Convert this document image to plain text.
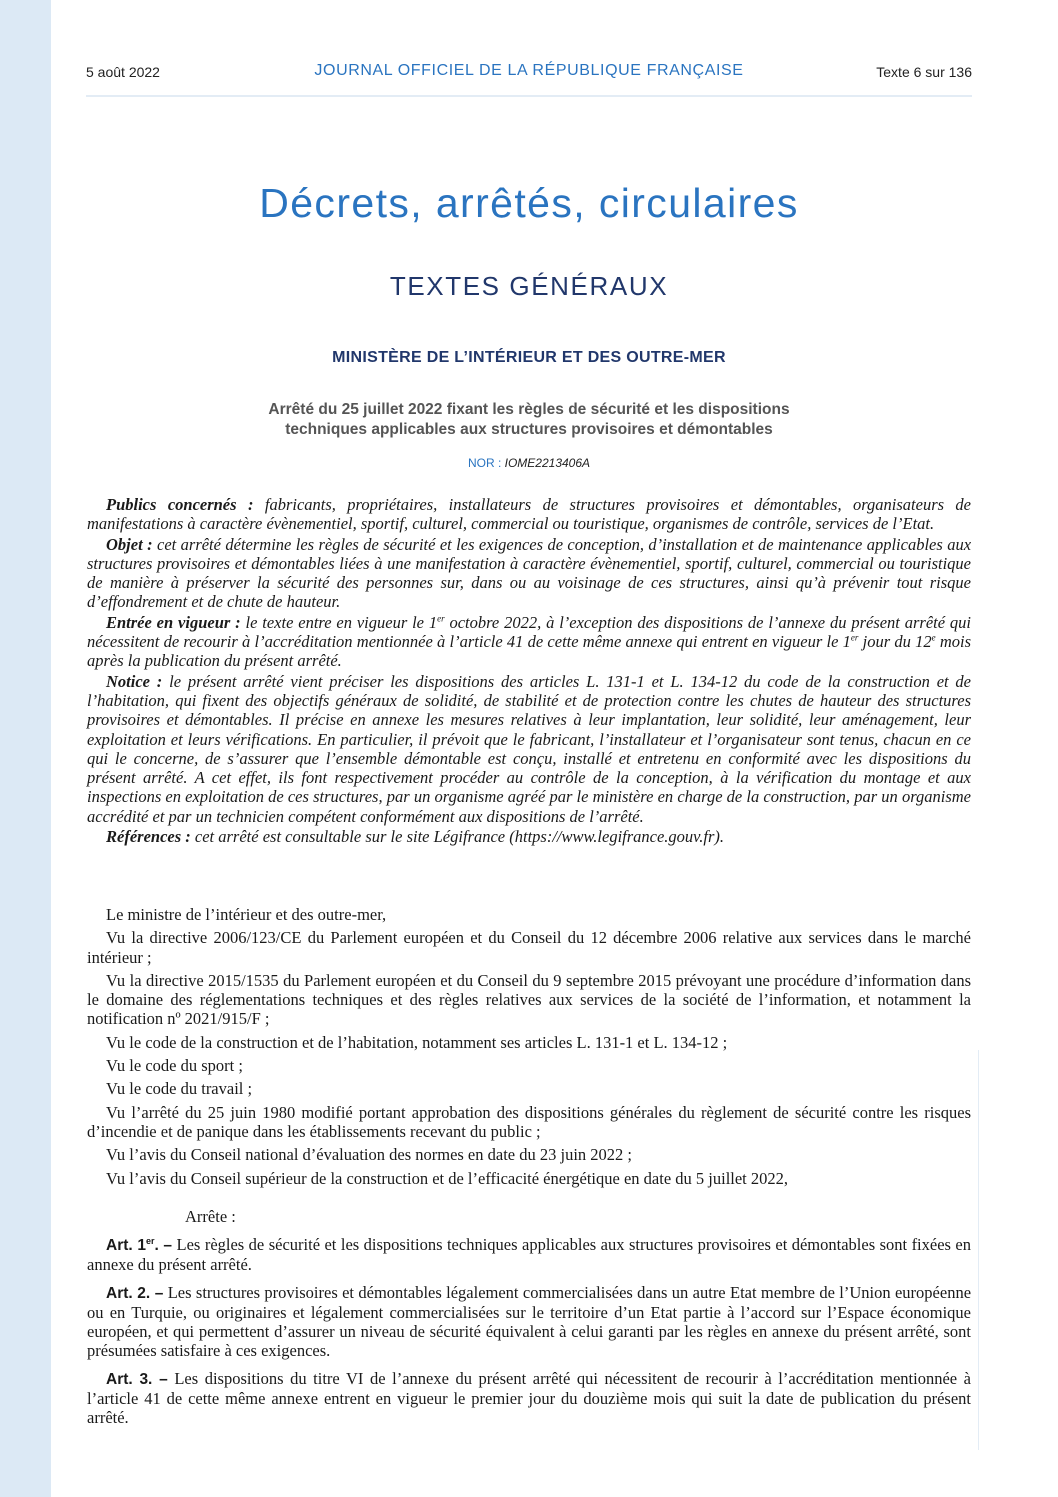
5 août 2022	JOURNAL OFFICIEL DE LA RÉPUBLIQUE FRANÇAISE	Texte 6 sur 136
Décrets, arrêtés, circulaires
TEXTES GÉNÉRAUX
MINISTÈRE DE L’INTÉRIEUR ET DES OUTRE-MER
Arrêté du 25 juillet 2022 fixant les règles de sécurité et les dispositions
techniques applicables aux structures provisoires et démontables
NOR : IOME2213406A

Publics concernés : fabricants, propriétaires, installateurs de structures provisoires et démontables, organisateurs de manifestations à caractère évènementiel, sportif, culturel, commercial ou touristique, organismes de contrôle, services de l’Etat.

Objet : cet arrêté détermine les règles de sécurité et les exigences de conception, d’installation et de maintenance applicables aux structures provisoires et démontables liées à une manifestation à caractère évènementiel, sportif, culturel, commercial ou touristique de manière à préserver la sécurité des personnes sur, dans ou au voisinage de ces structures, ainsi qu’à prévenir tout risque d’effondrement et de chute de hauteur.

Entrée en vigueur : le texte entre en vigueur le 1er octobre 2022, à l’exception des dispositions de l’annexe du présent arrêté qui nécessitent de recourir à l’accréditation mentionnée à l’article 41 de cette même annexe qui entrent en vigueur le 1er jour du 12e mois après la publication du présent arrêté.

Notice : le présent arrêté vient préciser les dispositions des articles L. 131-1 et L. 134-12 du code de la construction et de l’habitation, qui fixent des objectifs généraux de solidité, de stabilité et de protection contre les chutes de hauteur des structures provisoires et démontables. Il précise en annexe les mesures relatives à leur implantation, leur solidité, leur aménagement, leur exploitation et leurs vérifications. En particulier, il prévoit que le fabricant, l’installateur et l’organisateur sont tenus, chacun en ce qui le concerne, de s’assurer que l’ensemble démontable est conçu, installé et entretenu en conformité avec les dispositions du présent arrêté. A cet effet, ils font respectivement procéder au contrôle de la conception, à la vérification du montage et aux inspections en exploitation de ces structures, par un organisme agréé par le ministère en charge de la construction, par un organisme accrédité et par un technicien compétent conformément aux dispositions de l’arrêté.

Références : cet arrêté est consultable sur le site Légifrance (https://www.legifrance.gouv.fr).

Le ministre de l’intérieur et des outre-mer,

Vu la directive 2006/123/CE du Parlement européen et du Conseil du 12 décembre 2006 relative aux services dans le marché intérieur ;

Vu la directive 2015/1535 du Parlement européen et du Conseil du 9 septembre 2015 prévoyant une procédure d’information dans le domaine des réglementations techniques et des règles relatives aux services de la société de l’information, et notamment la notification nº 2021/915/F ;

Vu le code de la construction et de l’habitation, notamment ses articles L. 131-1 et L. 134-12 ;

Vu le code du sport ;

Vu le code du travail ;

Vu l’arrêté du 25 juin 1980 modifié portant approbation des dispositions générales du règlement de sécurité contre les risques d’incendie et de panique dans les établissements recevant du public ;

Vu l’avis du Conseil national d’évaluation des normes en date du 23 juin 2022 ;

Vu l’avis du Conseil supérieur de la construction et de l’efficacité énergétique en date du 5 juillet 2022,

Arrête :

Art. 1er. – Les règles de sécurité et les dispositions techniques applicables aux structures provisoires et démontables sont fixées en annexe du présent arrêté.

Art. 2. – Les structures provisoires et démontables légalement commercialisées dans un autre Etat membre de l’Union européenne ou en Turquie, ou originaires et légalement commercialisées sur le territoire d’un Etat partie à l’accord sur l’Espace économique européen, et qui permettent d’assurer un niveau de sécurité équivalent à celui garanti par les règles en annexe du présent arrêté, sont présumées satisfaire à ces exigences.

Art. 3. – Les dispositions du titre VI de l’annexe du présent arrêté qui nécessitent de recourir à l’accréditation mentionnée à l’article 41 de cette même annexe entrent en vigueur le premier jour du douzième mois qui suit la date de publication du présent arrêté.
